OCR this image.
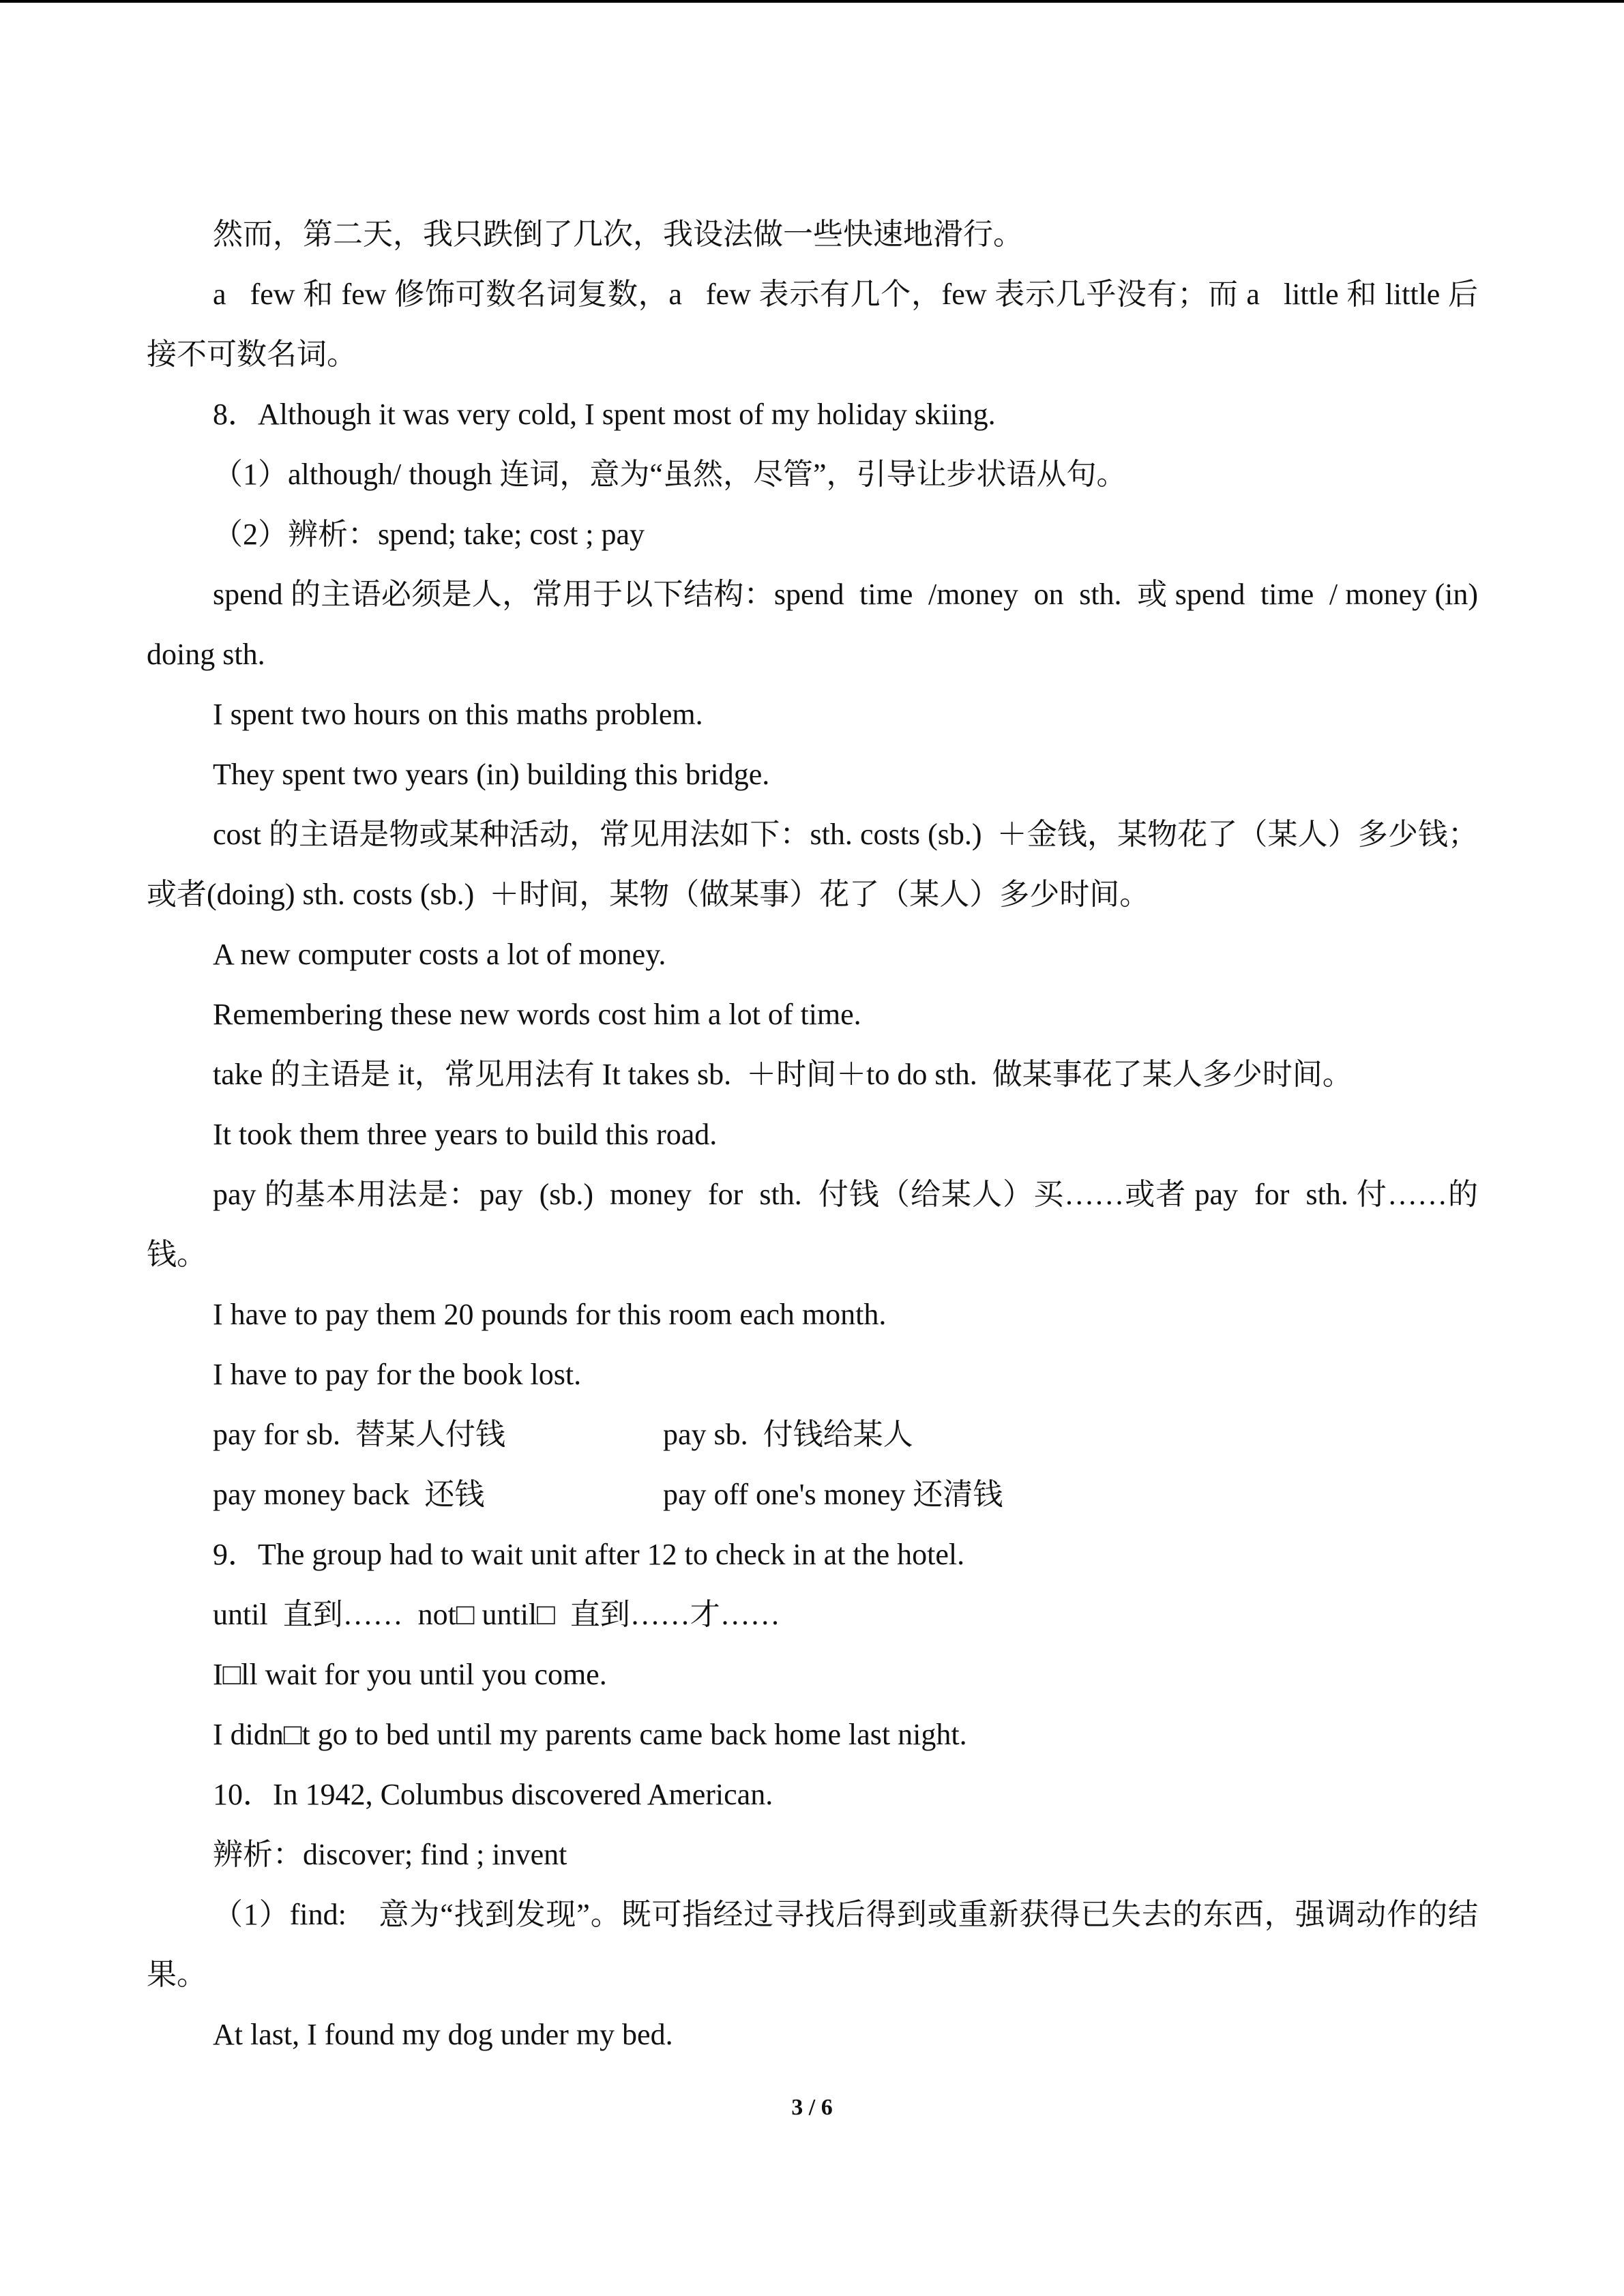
然而，第二天，我只跌倒了几次，我设法做一些快速地滑行。

a   few 和 few 修饰可数名词复数，a   few 表示有几个，few 表示几乎没有；而 a   little 和 little 后接不可数名词。

8．Although it was very cold, I spent most of my holiday skiing.

（1）although/ though 连词，意为“虽然，尽管”，引导让步状语从句。

（2）辨析：spend; take; cost ; pay

spend 的主语必须是人，常用于以下结构：spend  time  /money  on  sth.  或 spend  time  / money (in) doing sth.

I spent two hours on this maths problem.

They spent two years (in) building this bridge.

cost 的主语是物或某种活动，常见用法如下：sth. costs (sb.)  ＋金钱，某物花了（某人）多少钱；或者(doing) sth. costs (sb.)  ＋时间，某物（做某事）花了（某人）多少时间。

A new computer costs a lot of money.

Remembering these new words cost him a lot of time.

take 的主语是 it，常见用法有 It takes sb.  ＋时间＋to do sth.  做某事花了某人多少时间。

It took them three years to build this road.

pay 的基本用法是：pay  (sb.)  money  for  sth.  付钱（给某人）买……或者 pay  for  sth. 付……的钱。

I have to pay them 20 pounds for this room each month.

I have to pay for the book lost.

pay for sb.  替某人付钱	pay sb.  付钱给某人
pay money back  还钱	pay off one's money 还清钱

9．The group had to wait unit after 12 to check in at the hotel.

until  直到……  not□ until□  直到……才……

I□ll wait for you until you come.

I didn□t go to bed until my parents came back home last night.

10．In 1942, Columbus discovered American.

辨析：discover; find ; invent

（1）find:    意为“找到发现”。既可指经过寻找后得到或重新获得已失去的东西，强调动作的结果。

At last, I found my dog under my bed.

3 / 6
